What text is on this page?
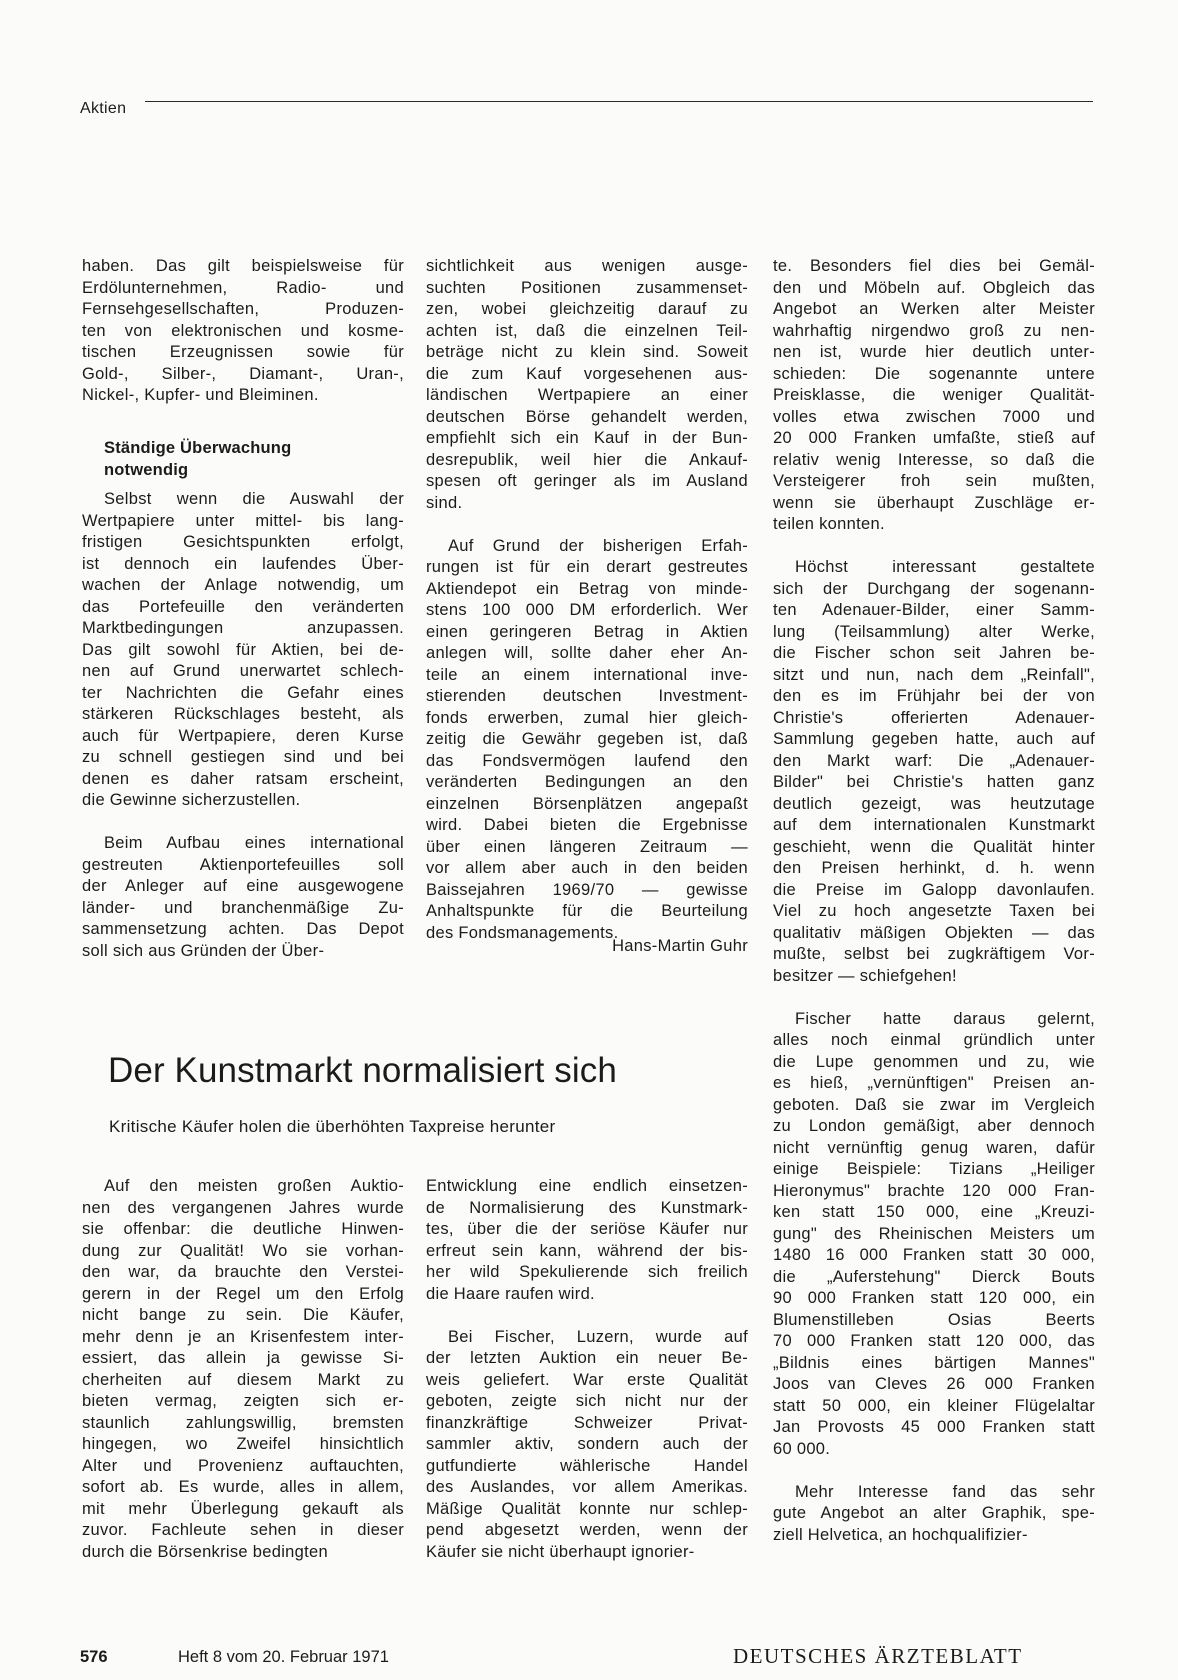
Aktien

haben. Das gilt beispielsweise für
Erdölunternehmen, Radio- und
Fernsehgesellschaften, Produzen-
ten von elektronischen und kosme-
tischen Erzeugnissen sowie für
Gold-, Silber-, Diamant-, Uran-,
Nickel-, Kupfer- und Bleiminen.

Ständige Überwachung
notwendig

Selbst wenn die Auswahl der
Wertpapiere unter mittel- bis lang-
fristigen Gesichtspunkten erfolgt,
ist dennoch ein laufendes Über-
wachen der Anlage notwendig, um
das Portefeuille den veränderten
Marktbedingungen anzupassen.
Das gilt sowohl für Aktien, bei de-
nen auf Grund unerwartet schlech-
ter Nachrichten die Gefahr eines
stärkeren Rückschlages besteht, als
auch für Wertpapiere, deren Kurse
zu schnell gestiegen sind und bei
denen es daher ratsam erscheint,
die Gewinne sicherzustellen.

Beim Aufbau eines international
gestreuten Aktienportefeuilles soll
der Anleger auf eine ausgewogene
länder- und branchenmäßige Zu-
sammensetzung achten. Das Depot
soll sich aus Gründen der Über-

sichtlichkeit aus wenigen ausge-
suchten Positionen zusammenset-
zen, wobei gleichzeitig darauf zu
achten ist, daß die einzelnen Teil-
beträge nicht zu klein sind. Soweit
die zum Kauf vorgesehenen aus-
ländischen Wertpapiere an einer
deutschen Börse gehandelt werden,
empfiehlt sich ein Kauf in der Bun-
desrepublik, weil hier die Ankauf-
spesen oft geringer als im Ausland
sind.

Auf Grund der bisherigen Erfah-
rungen ist für ein derart gestreutes
Aktiendepot ein Betrag von minde-
stens 100 000 DM erforderlich. Wer
einen geringeren Betrag in Aktien
anlegen will, sollte daher eher An-
teile an einem international inve-
stierenden deutschen Investment-
fonds erwerben, zumal hier gleich-
zeitig die Gewähr gegeben ist, daß
das Fondsvermögen laufend den
veränderten Bedingungen an den
einzelnen Börsenplätzen angepaßt
wird. Dabei bieten die Ergebnisse
über einen längeren Zeitraum —
vor allem aber auch in den beiden
Baissejahren 1969/70 — gewisse
Anhaltspunkte für die Beurteilung
des Fondsmanagements.

Hans-Martin Guhr

Der Kunstmarkt normalisiert sich

Kritische Käufer holen die überhöhten Taxpreise herunter

Auf den meisten großen Auktio-
nen des vergangenen Jahres wurde
sie offenbar: die deutliche Hinwen-
dung zur Qualität! Wo sie vorhan-
den war, da brauchte den Verstei-
gerern in der Regel um den Erfolg
nicht bange zu sein. Die Käufer,
mehr denn je an Krisenfestem inter-
essiert, das allein ja gewisse Si-
cherheiten auf diesem Markt zu
bieten vermag, zeigten sich er-
staunlich zahlungswillig, bremsten
hingegen, wo Zweifel hinsichtlich
Alter und Provenienz auftauchten,
sofort ab. Es wurde, alles in allem,
mit mehr Überlegung gekauft als
zuvor. Fachleute sehen in dieser
durch die Börsenkrise bedingten

Entwicklung eine endlich einsetzen-
de Normalisierung des Kunstmark-
tes, über die der seriöse Käufer nur
erfreut sein kann, während der bis-
her wild Spekulierende sich freilich
die Haare raufen wird.

Bei Fischer, Luzern, wurde auf
der letzten Auktion ein neuer Be-
weis geliefert. War erste Qualität
geboten, zeigte sich nicht nur der
finanzkräftige Schweizer Privat-
sammler aktiv, sondern auch der
gutfundierte wählerische Handel
des Auslandes, vor allem Amerikas.
Mäßige Qualität konnte nur schlep-
pend abgesetzt werden, wenn der
Käufer sie nicht überhaupt ignorier-

te. Besonders fiel dies bei Gemäl-
den und Möbeln auf. Obgleich das
Angebot an Werken alter Meister
wahrhaftig nirgendwo groß zu nen-
nen ist, wurde hier deutlich unter-
schieden: Die sogenannte untere
Preisklasse, die weniger Qualität-
volles etwa zwischen 7000 und
20 000 Franken umfaßte, stieß auf
relativ wenig Interesse, so daß die
Versteigerer froh sein mußten,
wenn sie überhaupt Zuschläge er-
teilen konnten.

Höchst interessant gestaltete
sich der Durchgang der sogenann-
ten Adenauer-Bilder, einer Samm-
lung (Teilsammlung) alter Werke,
die Fischer schon seit Jahren be-
sitzt und nun, nach dem „Reinfall",
den es im Frühjahr bei der von
Christie's offerierten Adenauer-
Sammlung gegeben hatte, auch auf
den Markt warf: Die „Adenauer-
Bilder" bei Christie's hatten ganz
deutlich gezeigt, was heutzutage
auf dem internationalen Kunstmarkt
geschieht, wenn die Qualität hinter
den Preisen herhinkt, d. h. wenn
die Preise im Galopp davonlaufen.
Viel zu hoch angesetzte Taxen bei
qualitativ mäßigen Objekten — das
mußte, selbst bei zugkräftigem Vor-
besitzer — schiefgehen!

Fischer hatte daraus gelernt,
alles noch einmal gründlich unter
die Lupe genommen und zu, wie
es hieß, „vernünftigen" Preisen an-
geboten. Daß sie zwar im Vergleich
zu London gemäßigt, aber dennoch
nicht vernünftig genug waren, dafür
einige Beispiele: Tizians „Heiliger
Hieronymus" brachte 120 000 Fran-
ken statt 150 000, eine „Kreuzi-
gung" des Rheinischen Meisters um
1480 16 000 Franken statt 30 000,
die „Auferstehung" Dierck Bouts
90 000 Franken statt 120 000, ein
Blumenstilleben Osias Beerts
70 000 Franken statt 120 000, das
„Bildnis eines bärtigen Mannes"
Joos van Cleves 26 000 Franken
statt 50 000, ein kleiner Flügelaltar
Jan Provosts 45 000 Franken statt
60 000.

Mehr Interesse fand das sehr
gute Angebot an alter Graphik, spe-
ziell Helvetica, an hochqualifizier-

576	Heft 8 vom 20. Februar 1971	DEUTSCHES ÄRZTEBLATT
